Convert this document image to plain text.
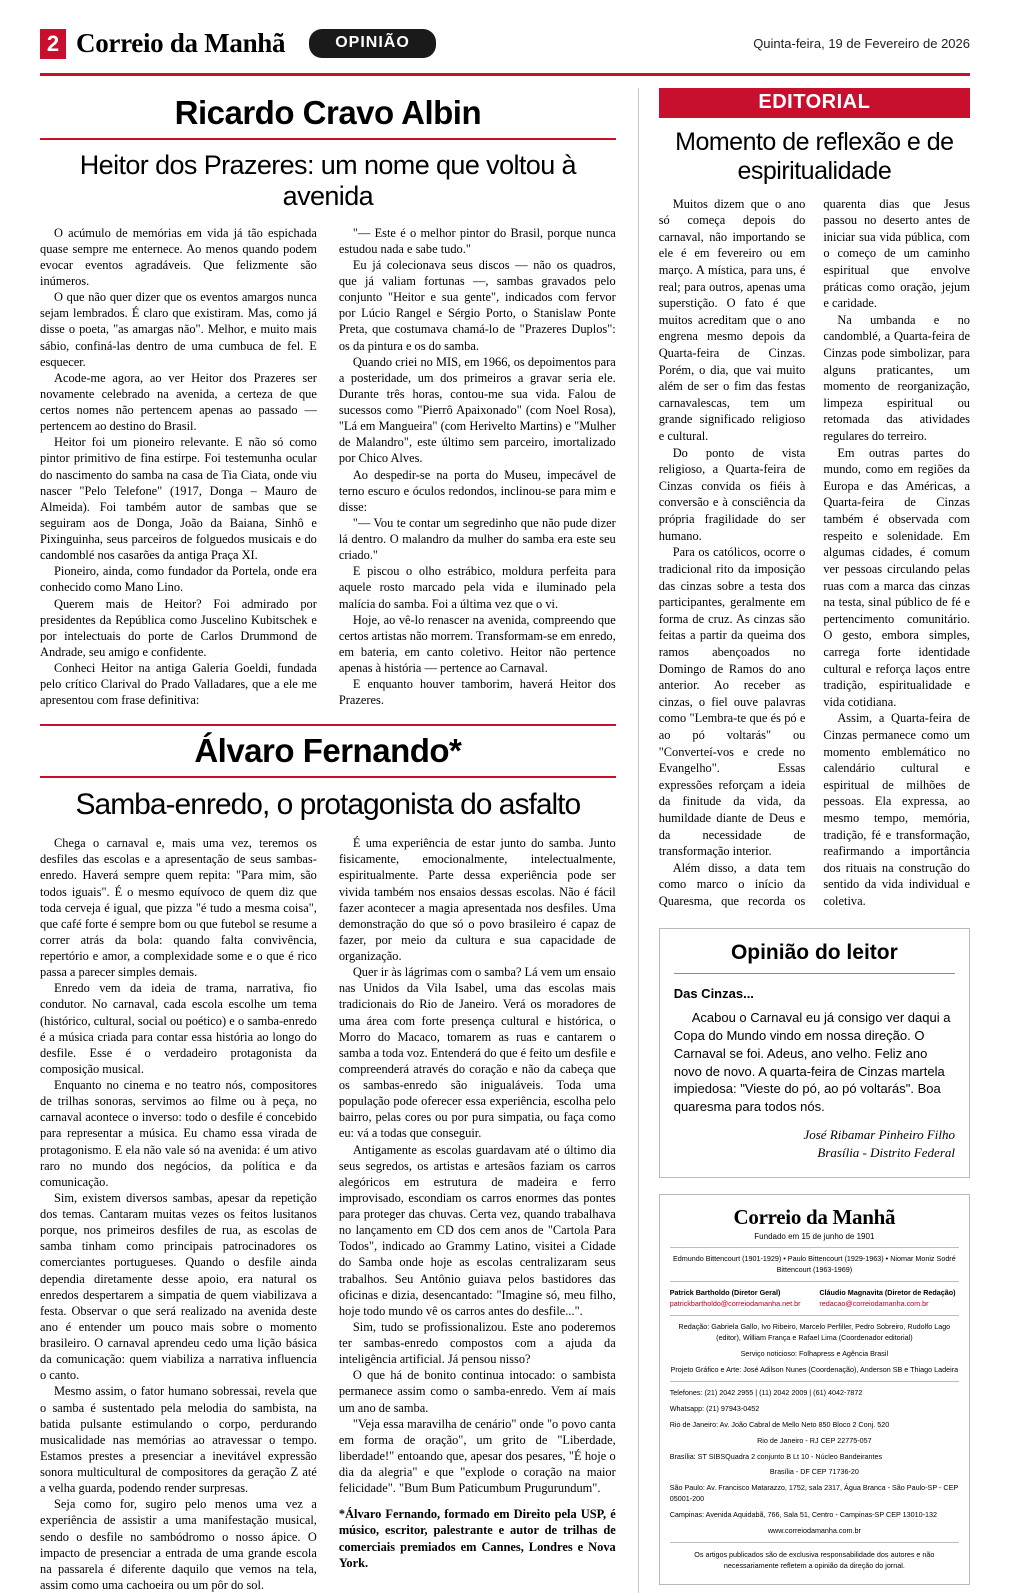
2 Correio da Manhã	OPINIÃO	Quinta-feira, 19 de Fevereiro de 2026
Ricardo Cravo Albin
Heitor dos Prazeres: um nome que voltou à avenida

O acúmulo de memórias em vida já tão espichada quase sempre me enternece. Ao menos quando podem evocar eventos agradáveis. Que felizmente são inúmeros.

O que não quer dizer que os eventos amargos nunca sejam lembrados. É claro que existiram. Mas, como já disse o poeta, "as amargas não". Melhor, e muito mais sábio, confiná-las dentro de uma cumbuca de fel. E esquecer.

Acode-me agora, ao ver Heitor dos Prazeres ser novamente celebrado na avenida, a certeza de que certos nomes não pertencem apenas ao passado — pertencem ao destino do Brasil.

Heitor foi um pioneiro relevante. E não só como pintor primitivo de fina estirpe. Foi testemunha ocular do nascimento do samba na casa de Tia Ciata, onde viu nascer "Pelo Telefone" (1917, Donga – Mauro de Almeida). Foi também autor de sambas que se seguiram aos de Donga, João da Baiana, Sinhô e Pixinguinha, seus parceiros de folguedos musicais e do candomblé nos casarões da antiga Praça XI.

Pioneiro, ainda, como fundador da Portela, onde era conhecido como Mano Lino.

Querem mais de Heitor? Foi admirado por presidentes da República como Juscelino Kubitschek e por intelectuais do porte de Carlos Drummond de Andrade, seu amigo e confidente.

Conheci Heitor na antiga Galeria Goeldi, fundada pelo crítico Clarival do Prado Valladares, que a ele me apresentou com frase definitiva:

"— Este é o melhor pintor do Brasil, porque nunca estudou nada e sabe tudo."

Eu já colecionava seus discos — não os quadros, que já valiam fortunas —, sambas gravados pelo conjunto "Heitor e sua gente", indicados com fervor por Lúcio Rangel e Sérgio Porto, o Stanislaw Ponte Preta, que costumava chamá-lo de "Prazeres Duplos": os da pintura e os do samba.

Quando criei no MIS, em 1966, os depoimentos para a posteridade, um dos primeiros a gravar seria ele. Durante três horas, contou-me sua vida. Falou de sucessos como "Pierrô Apaixonado" (com Noel Rosa), "Lá em Mangueira" (com Herivelto Martins) e "Mulher de Malandro", este último sem parceiro, imortalizado por Chico Alves.

Ao despedir-se na porta do Museu, impecável de terno escuro e óculos redondos, inclinou-se para mim e disse:

"— Vou te contar um segredinho que não pude dizer lá dentro. O malandro da mulher do samba era este seu criado."

E piscou o olho estrábico, moldura perfeita para aquele rosto marcado pela vida e iluminado pela malícia do samba. Foi a última vez que o vi.

Hoje, ao vê-lo renascer na avenida, compreendo que certos artistas não morrem. Transformam-se em enredo, em bateria, em canto coletivo. Heitor não pertence apenas à história — pertence ao Carnaval.

E enquanto houver tamborim, haverá Heitor dos Prazeres.

Álvaro Fernando*
Samba-enredo, o protagonista do asfalto

Chega o carnaval e, mais uma vez, teremos os desfiles das escolas e a apresentação de seus sambas-enredo. Haverá sempre quem repita: "Para mim, são todos iguais". É o mesmo equívoco de quem diz que toda cerveja é igual, que pizza "é tudo a mesma coisa", que café forte é sempre bom ou que futebol se resume a correr atrás da bola: quando falta convivência, repertório e amor, a complexidade some e o que é rico passa a parecer simples demais.

Enredo vem da ideia de trama, narrativa, fio condutor. No carnaval, cada escola escolhe um tema (histórico, cultural, social ou poético) e o samba-enredo é a música criada para contar essa história ao longo do desfile. Esse é o verdadeiro protagonista da composição musical.

Enquanto no cinema e no teatro nós, compositores de trilhas sonoras, servimos ao filme ou à peça, no carnaval acontece o inverso: todo o desfile é concebido para representar a música. Eu chamo essa virada de protagonismo. E ela não vale só na avenida: é um ativo raro no mundo dos negócios, da política e da comunicação.

Sim, existem diversos sambas, apesar da repetição dos temas. Cantaram muitas vezes os feitos lusitanos porque, nos primeiros desfiles de rua, as escolas de samba tinham como principais patrocinadores os comerciantes portugueses. Quando o desfile ainda dependia diretamente desse apoio, era natural os enredos despertarem a simpatia de quem viabilizava a festa. Observar o que será realizado na avenida deste ano é entender um pouco mais sobre o momento brasileiro. O carnaval aprendeu cedo uma lição básica da comunicação: quem viabiliza a narrativa influencia o canto.

Mesmo assim, o fator humano sobressai, revela que o samba é sustentado pela melodia do sambista, na batida pulsante estimulando o corpo, perdurando musicalidade nas memórias ao atravessar o tempo. Estamos prestes a presenciar a inevitável expressão sonora multicultural de compositores da geração Z até a velha guarda, podendo render surpresas.

Seja como for, sugiro pelo menos uma vez a experiência de assistir a uma manifestação musical, sendo o desfile no sambódromo o nosso ápice. O impacto de presenciar a entrada de uma grande escola na passarela é diferente daquilo que vemos na tela, assim como uma cachoeira ou um pôr do sol.

É uma experiência de estar junto do samba. Junto fisicamente, emocionalmente, intelectualmente, espiritualmente. Parte dessa experiência pode ser vivida também nos ensaios dessas escolas. Não é fácil fazer acontecer a magia apresentada nos desfiles. Uma demonstração do que só o povo brasileiro é capaz de fazer, por meio da cultura e sua capacidade de organização.

Quer ir às lágrimas com o samba? Lá vem um ensaio nas Unidos da Vila Isabel, uma das escolas mais tradicionais do Rio de Janeiro. Verá os moradores de uma área com forte presença cultural e histórica, o Morro do Macaco, tomarem as ruas e cantarem o samba a toda voz. Entenderá do que é feito um desfile e compreenderá através do coração e não da cabeça que os sambas-enredo são inigualáveis. Toda uma população pode oferecer essa experiência, escolha pelo bairro, pelas cores ou por pura simpatia, ou faça como eu: vá a todas que conseguir.

Antigamente as escolas guardavam até o último dia seus segredos, os artistas e artesãos faziam os carros alegóricos em estrutura de madeira e ferro improvisado, escondiam os carros enormes das pontes para proteger das chuvas. Certa vez, quando trabalhava no lançamento em CD dos cem anos de "Cartola Para Todos", indicado ao Grammy Latino, visitei a Cidade do Samba onde hoje as escolas centralizaram seus trabalhos. Seu Antônio guiava pelos bastidores das oficinas e dizia, desencantado: "Imagine só, meu filho, hoje todo mundo vê os carros antes do desfile...".

Sim, tudo se profissionalizou. Este ano poderemos ter sambas-enredo compostos com a ajuda da inteligência artificial. Já pensou nisso?

O que há de bonito continua intocado: o sambista permanece assim como o samba-enredo. Vem aí mais um ano de samba.

"Veja essa maravilha de cenário" onde "o povo canta em forma de oração", um grito de "Liberdade, liberdade!" entoando que, apesar dos pesares, "É hoje o dia da alegria" e que "explode o coração na maior felicidade". "Bum Bum Paticumbum Prugurundum".

*Álvaro Fernando, formado em Direito pela USP, é músico, escritor, palestrante e autor de trilhas de comerciais premiados em Cannes, Londres e Nova York.

EDITORIAL
Momento de reflexão e de espiritualidade

Muitos dizem que o ano só começa depois do carnaval, não importando se ele é em fevereiro ou em março. A mística, para uns, é real; para outros, apenas uma superstição. O fato é que muitos acreditam que o ano engrena mesmo depois da Quarta-feira de Cinzas. Porém, o dia, que vai muito além de ser o fim das festas carnavalescas, tem um grande significado religioso e cultural.

Do ponto de vista religioso, a Quarta-feira de Cinzas convida os fiéis à conversão e à consciência da própria fragilidade do ser humano.

Para os católicos, ocorre o tradicional rito da imposição das cinzas sobre a testa dos participantes, geralmente em forma de cruz. As cinzas são feitas a partir da queima dos ramos abençoados no Domingo de Ramos do ano anterior. Ao receber as cinzas, o fiel ouve palavras como "Lembra-te que és pó e ao pó voltarás" ou "Converteí-vos e crede no Evangelho". Essas expressões reforçam a ideia da finitude da vida, da humildade diante de Deus e da necessidade de transformação interior.

Além disso, a data tem como marco o início da Quaresma, que recorda os quarenta dias que Jesus passou no deserto antes de iniciar sua vida pública, com o começo de um caminho espiritual que envolve práticas como oração, jejum e caridade.

Na umbanda e no candomblé, a Quarta-feira de Cinzas pode simbolizar, para alguns praticantes, um momento de reorganização, limpeza espiritual ou retomada das atividades regulares do terreiro.

Em outras partes do mundo, como em regiões da Europa e das Américas, a Quarta-feira de Cinzas também é observada com respeito e solenidade. Em algumas cidades, é comum ver pessoas circulando pelas ruas com a marca das cinzas na testa, sinal público de fé e pertencimento comunitário. O gesto, embora simples, carrega forte identidade cultural e reforça laços entre tradição, espiritualidade e vida cotidiana.

Assim, a Quarta-feira de Cinzas permanece como um momento emblemático no calendário cultural e espiritual de milhões de pessoas. Ela expressa, ao mesmo tempo, memória, tradição, fé e transformação, reafirmando a importância dos rituais na construção do sentido da vida individual e coletiva.

Opinião do leitor
Das Cinzas...
Acabou o Carnaval eu já consigo ver daqui a Copa do Mundo vindo em nossa direção. O Carnaval se foi. Adeus, ano velho. Feliz ano novo de novo. A quarta-feira de Cinzas martela impiedosa: "Vieste do pó, ao pó voltarás". Boa quaresma para todos nós.
José Ribamar Pinheiro Filho
Brasília - Distrito Federal
Correio da Manhã
Fundado em 15 de junho de 1901
Edmundo Bittencourt (1901-1929) • Paulo Bittencourt (1929-1963) • Niomar Moniz Sodré Bittencourt (1963-1969)
Patrick Bartholdo (Diretor Geral)
patrickbartholdo@correiodamanha.net.br
Cláudio Magnavita (Diretor de Redação)
redacao@correiodamanha.com.br
Redação: Gabriela Gallo, Ivo Ribeiro, Marcelo Perfiller, Pedro Sobreiro, Rudolfo Lago (editor), William França e Rafael Lima (Coordenador editorial)
Serviço noticioso: Folhapress e Agência Brasil
Projeto Gráfico e Arte: José Adilson Nunes (Coordenação), Anderson SB e Thiago Ladeira
Telefones: (21) 2042 2955 | (11) 2042 2009 | (61) 4042-7872
Whatsapp: (21) 97943-0452
Rio de Janeiro: Av. João Cabral de Mello Neto 850 Bloco 2 Conj. 520
Rio de Janeiro - RJ CEP 22775-057
Brasília: ST SIBSQuadra 2 conjunto B Lt 10 - Núcleo Bandeirantes
Brasília - DF CEP 71736-20
São Paulo: Av. Francisco Matarazzo, 1752, sala 2317, Água Branca - São Paulo-SP - CEP 05001-200
Campinas: Avenida Aquidabã, 766, Sala 51, Centro - Campinas-SP CEP 13010-132
www.correiodamanha.com.br
Os artigos publicados são de exclusiva responsabilidade dos autores e não necessariamente refletem a opinião da direção do jornal.
